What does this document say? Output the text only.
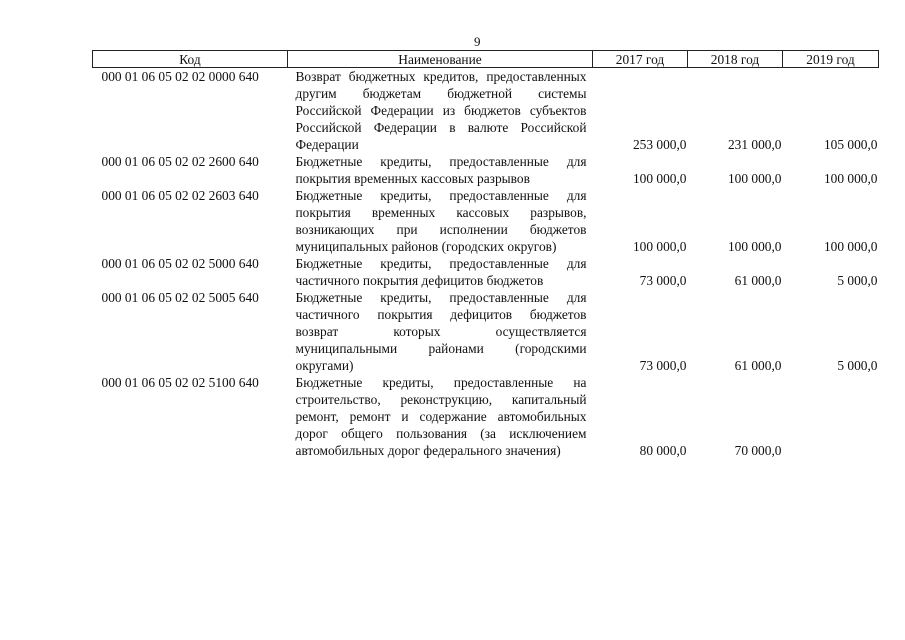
9
Код	Наименование	2017 год	2018 год	2019 год
000 01 06 05 02 02 0000 640	Возврат бюджетных кредитов, предоставленных другим бюджетам бюджетной системы Российской Федерации из бюджетов субъектов Российской Федерации в валюте Российской Федерации	253 000,0	231 000,0	105 000,0
000 01 06 05 02 02 2600 640	Бюджетные кредиты, предоставленные для покрытия временных кассовых разрывов	100 000,0	100 000,0	100 000,0
000 01 06 05 02 02 2603 640	Бюджетные кредиты, предоставленные для покрытия временных кассовых разрывов, возникающих при исполнении бюджетов муниципальных районов (городских округов)	100 000,0	100 000,0	100 000,0
000 01 06 05 02 02 5000 640	Бюджетные кредиты, предоставленные для частичного покрытия дефицитов бюджетов	73 000,0	61 000,0	5 000,0
000 01 06 05 02 02 5005 640	Бюджетные кредиты, предоставленные для частичного покрытия дефицитов бюджетов возврат которых осуществляется муниципальными районами (городскими округами)	73 000,0	61 000,0	5 000,0
000 01 06 05 02 02 5100 640	Бюджетные кредиты, предоставленные на строительство, реконструкцию, капитальный ремонт, ремонт и содержание автомобильных дорог общего пользования (за исключением автомобильных дорог федерального значения)	80 000,0	70 000,0	
